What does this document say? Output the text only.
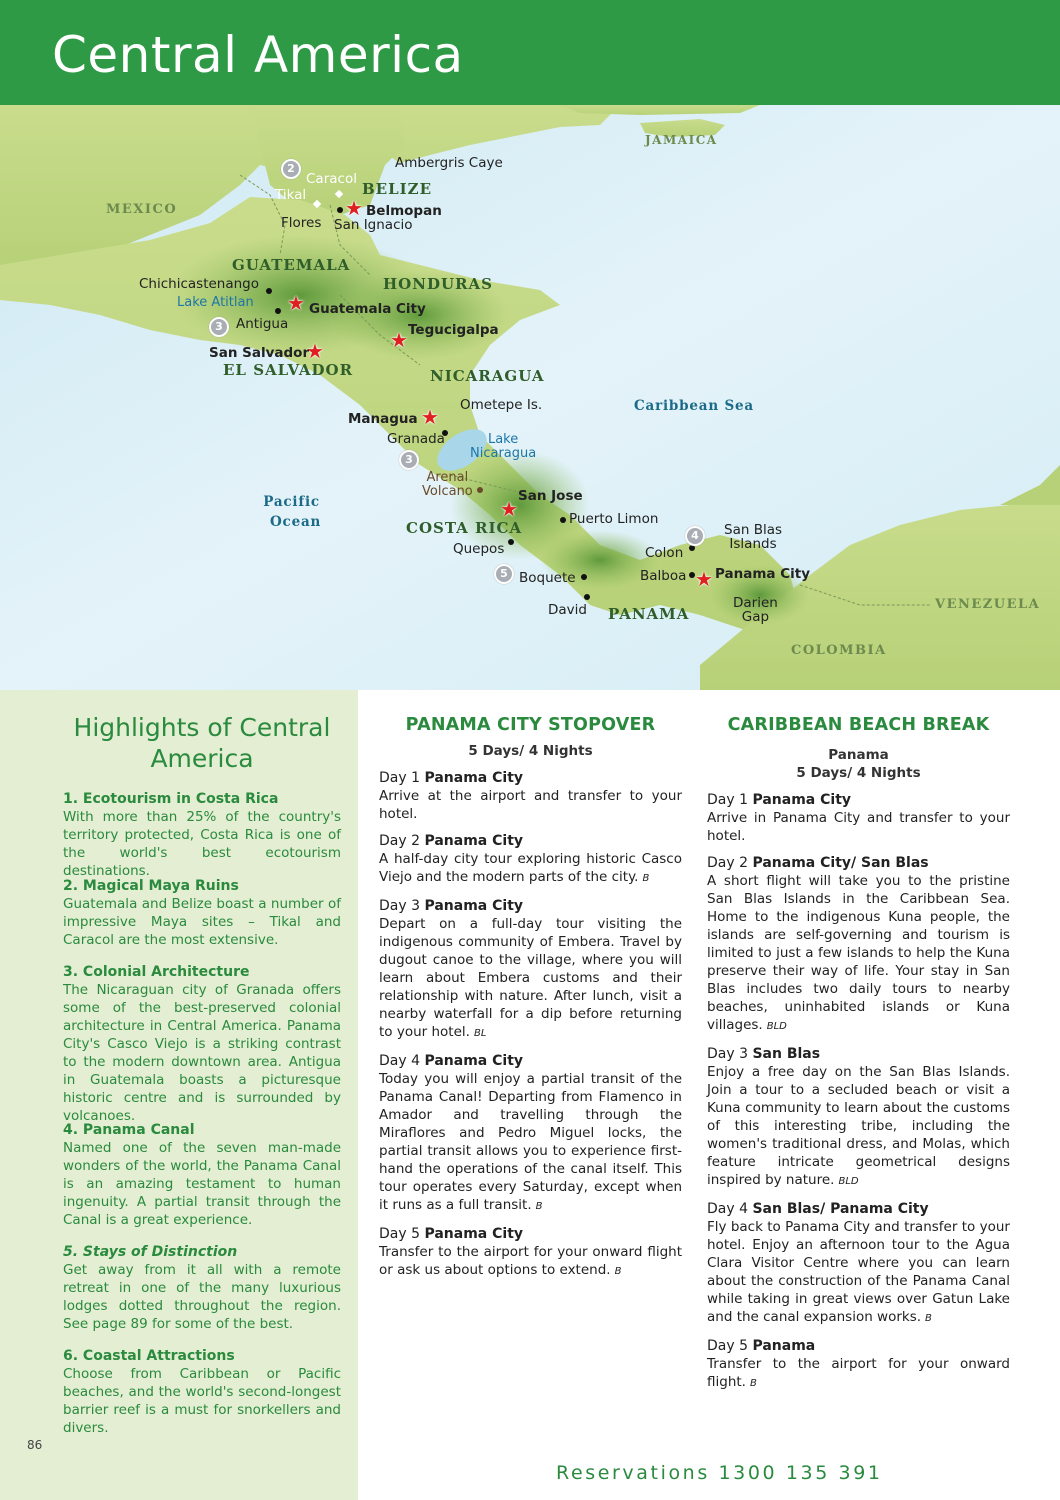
Central America
MEXICO
BELIZE
GUATEMALA
HONDURAS
EL SALVADOR	NICARAGUA
COSTA RICA
PANAMA
COLOMBIA
VENEZUELA
JAMAICA
Pacific
Ocean
Caribbean Sea
Lake Atitlan
Lake
Nicaragua
Arenal
Volcano
★
★
★
★
★
★
★
Belmopan
Guatemala City
Tegucigalpa
San Salvador
Managua
San Jose
Panama City
Ambergris Caye
Caracol
Tikal
Flores San Ignacio
Chichicastenango
Antigua
Ometepe Is.
Granada
Puerto Limon
Quepos
Boquete
David
Colon
Balboa
San Blas
Islands
Darien
Gap
2
3
3
4
5
Highlights of Central America
1. Ecotourism in Costa Rica

With more than 25% of the country's territory protected, Costa Rica is one of the world's best ecotourism destinations.

2. Magical Maya Ruins

Guatemala and Belize boast a number of impressive Maya sites – Tikal and Caracol are the most extensive.

3. Colonial Architecture

The Nicaraguan city of Granada offers some of the best-preserved colonial architecture in Central America. Panama City's Casco Viejo is a striking contrast to the modern downtown area. Antigua in Guatemala boasts a picturesque historic centre and is surrounded by volcanoes.

4. Panama Canal

Named one of the seven man-made wonders of the world, the Panama Canal is an amazing testament to human ingenuity. A partial transit through the Canal is a great experience.

5. Stays of Distinction

Get away from it all with a remote retreat in one of the many luxurious lodges dotted throughout the region. See page 89 for some of the best.

6. Coastal Attractions

Choose from Caribbean or Pacific beaches, and the world's second-longest barrier reef is a must for snorkellers and divers.

86
PANAMA CITY STOPOVER
5 Days/ 4 Nights
Day 1 Panama City

Arrive at the airport and transfer to your hotel.

Day 2 Panama City

A half-day city tour exploring historic Casco Viejo and the modern parts of the city. B

Day 3 Panama City

Depart on a full-day tour visiting the indigenous community of Embera. Travel by dugout canoe to the village, where you will learn about Embera customs and their relationship with nature. After lunch, visit a nearby waterfall for a dip before returning to your hotel. BL

Day 4 Panama City

Today you will enjoy a partial transit of the Panama Canal! Departing from Flamenco in Amador and travelling through the Miraflores and Pedro Miguel locks, the partial transit allows you to experience first-hand the operations of the canal itself. This tour operates every Saturday, except when it runs as a full transit. B

Day 5 Panama City

Transfer to the airport for your onward flight or ask us about options to extend. B

CARIBBEAN BEACH BREAK
Panama
5 Days/ 4 Nights
Day 1 Panama City

Arrive in Panama City and transfer to your hotel.

Day 2 Panama City/ San Blas

A short flight will take you to the pristine San Blas Islands in the Caribbean Sea. Home to the indigenous Kuna people, the islands are self-governing and tourism is limited to just a few islands to help the Kuna preserve their way of life. Your stay in San Blas includes two daily tours to nearby beaches, uninhabited islands or Kuna villages. BLD

Day 3 San Blas

Enjoy a free day on the San Blas Islands. Join a tour to a secluded beach or visit a Kuna community to learn about the customs of this interesting tribe, including the women's traditional dress, and Molas, which feature intricate geometrical designs inspired by nature. BLD

Day 4 San Blas/ Panama City

Fly back to Panama City and transfer to your hotel. Enjoy an afternoon tour to the Agua Clara Visitor Centre where you can learn about the construction of the Panama Canal while taking in great views over Gatun Lake and the canal expansion works. B

Day 5 Panama

Transfer to the airport for your onward flight. B

Reservations 1300 135 391
